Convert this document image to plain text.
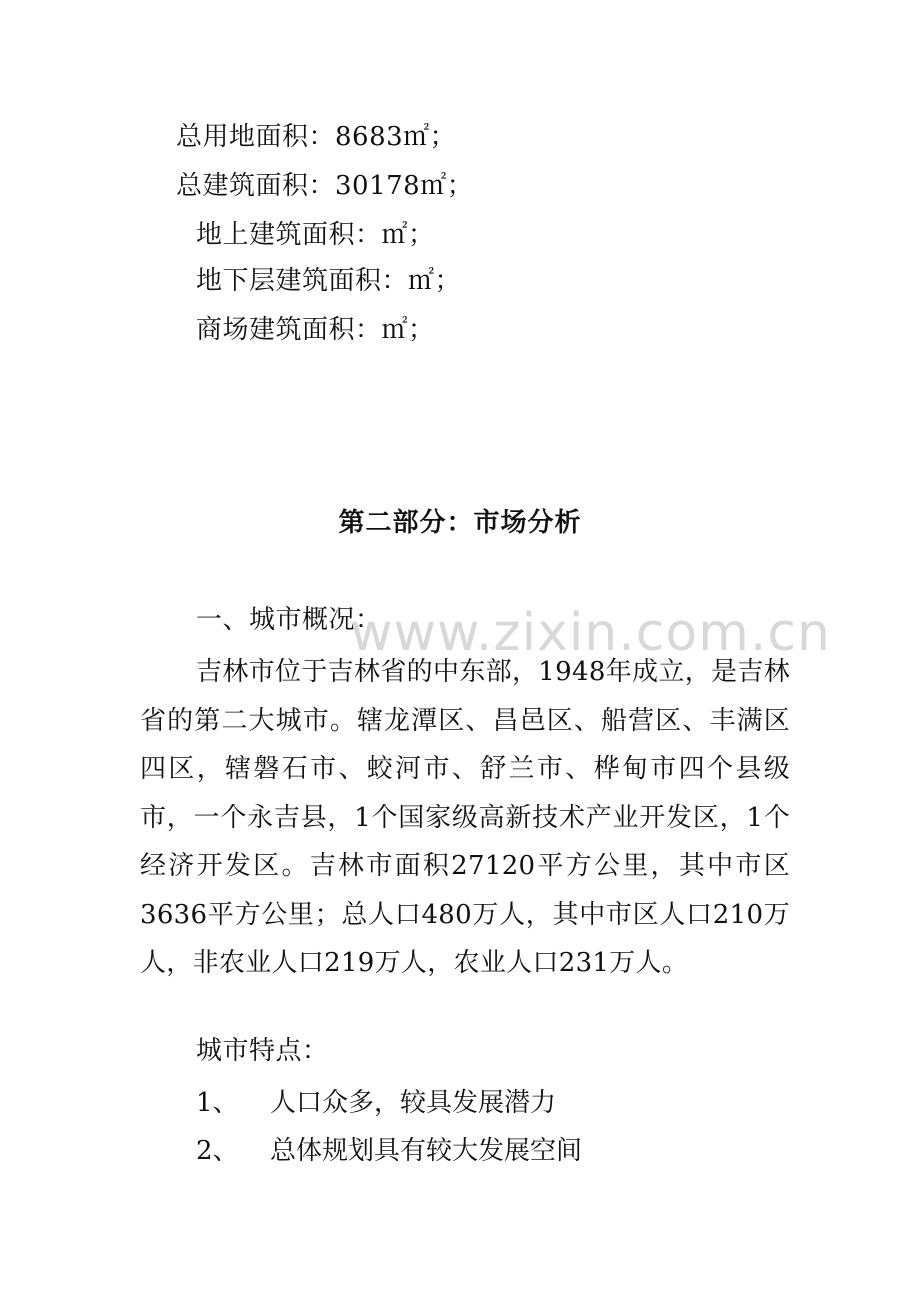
总用地面积：8683㎡；
总建筑面积：30178㎡；
地上建筑面积：㎡；
地下层建筑面积：㎡；
商场建筑面积：㎡；
第二部分：市场分析
一、城市概况：
吉林市位于吉林省的中东部，1948年成立，是吉林省的第二大城市。辖龙潭区、昌邑区、船营区、丰满区四区，辖磐石市、蛟河市、舒兰市、桦甸市四个县级市，一个永吉县，1个国家级高新技术产业开发区，1个经济开发区。吉林市面积27120平方公里，其中市区3636平方公里；总人口480万人，其中市区人口210万人，非农业人口219万人，农业人口231万人。
城市特点：
1、 人口众多，较具发展潜力
2、 总体规划具有较大发展空间
www.zixin.com.cn
